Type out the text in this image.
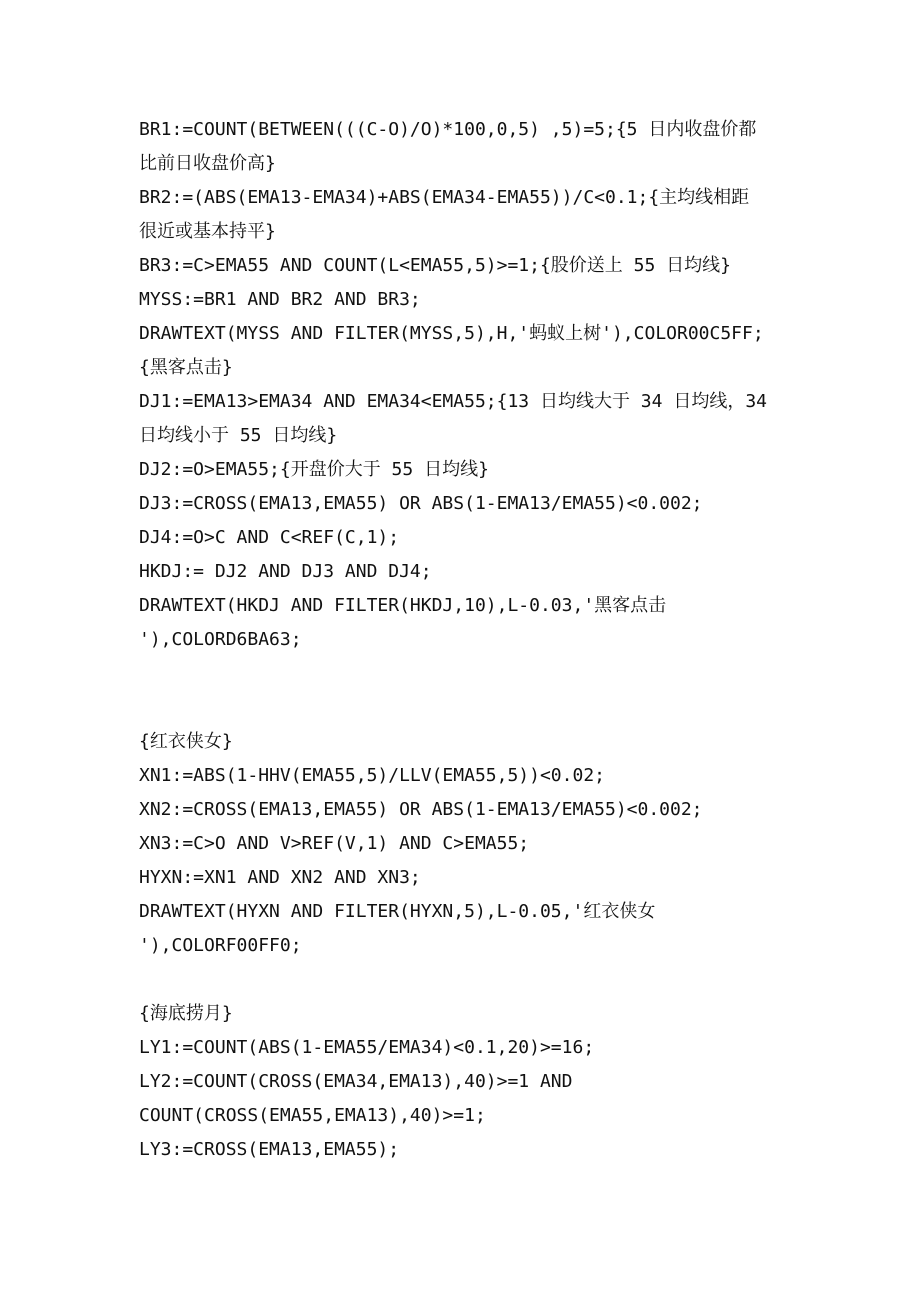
BR1:=COUNT(BETWEEN(((C-O)/O)*100,0,5) ,5)=5;{5 日内收盘价都
比前日收盘价高}
BR2:=(ABS(EMA13-EMA34)+ABS(EMA34-EMA55))/C<0.1;{主均线相距
很近或基本持平}
BR3:=C>EMA55 AND COUNT(L<EMA55,5)>=1;{股价送上 55 日均线}
MYSS:=BR1 AND BR2 AND BR3;
DRAWTEXT(MYSS AND FILTER(MYSS,5),H,'蚂蚁上树'),COLOR00C5FF;
{黑客点击}
DJ1:=EMA13>EMA34 AND EMA34<EMA55;{13 日均线大于 34 日均线，34
日均线小于 55 日均线}
DJ2:=O>EMA55;{开盘价大于 55 日均线}
DJ3:=CROSS(EMA13,EMA55) OR ABS(1-EMA13/EMA55)<0.002;
DJ4:=O>C AND C<REF(C,1);
HKDJ:= DJ2 AND DJ3 AND DJ4;
DRAWTEXT(HKDJ AND FILTER(HKDJ,10),L-0.03,'黑客点击
'),COLORD6BA63;
{红衣侠女}
XN1:=ABS(1-HHV(EMA55,5)/LLV(EMA55,5))<0.02;
XN2:=CROSS(EMA13,EMA55) OR ABS(1-EMA13/EMA55)<0.002;
XN3:=C>O AND V>REF(V,1) AND C>EMA55;
HYXN:=XN1 AND XN2 AND XN3;
DRAWTEXT(HYXN AND FILTER(HYXN,5),L-0.05,'红衣侠女
'),COLORF00FF0;
{海底捞月}
LY1:=COUNT(ABS(1-EMA55/EMA34)<0.1,20)>=16;
LY2:=COUNT(CROSS(EMA34,EMA13),40)>=1 AND
COUNT(CROSS(EMA55,EMA13),40)>=1;
LY3:=CROSS(EMA13,EMA55);
